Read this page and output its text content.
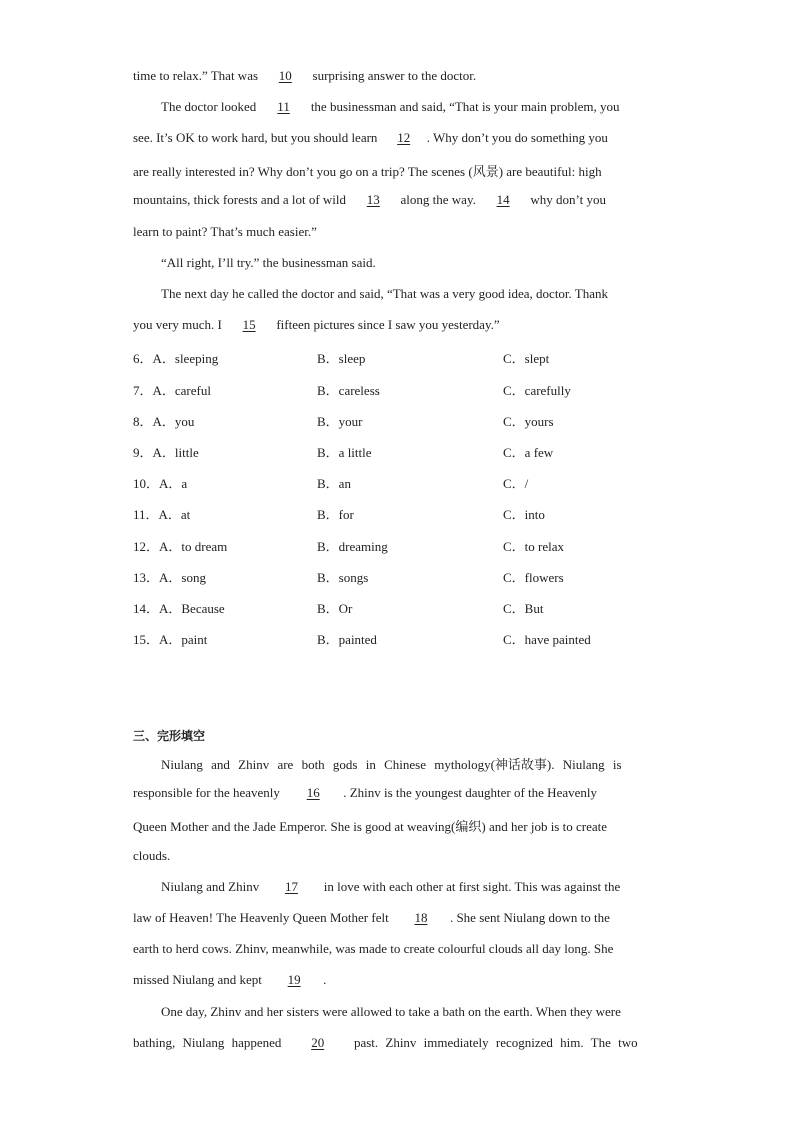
time to relax.” That was 10 surprising answer to the doctor.
The doctor looked 11 the businessman and said, “That is your main problem, you
see. It’s OK to work hard, but you should learn 12 . Why don’t you do something you
are really interested in? Why don’t you go on a trip? The scenes (风景) are beautiful: high
mountains, thick forests and a lot of wild 13 along the way. 14 why don’t you
learn to paint? That’s much easier.”
“All right, I’ll try.” the businessman said.
The next day he called the doctor and said, “That was a very good idea, doctor. Thank
you very much. I 15 fifteen pictures since I saw you yesterday.”
6．A．sleeping	B．sleep	C．slept
7．A．careful	B．careless	C．carefully
8．A．you	B．your	C．yours
9．A．little	B．a little	C．a few
10．A．a	B．an	C．/
11．A．at	B．for	C．into
12．A．to dream	B．dreaming	C．to relax
13．A．song	B．songs	C．flowers
14．A．Because	B．Or	C．But
15．A．paint	B．painted	C．have painted
三、完形填空
Niulang and Zhinv are both gods in Chinese mythology(神话故事). Niulang is
responsible for the heavenly 16 . Zhinv is the youngest daughter of the Heavenly
Queen Mother and the Jade Emperor. She is good at weaving(编织) and her job is to create
clouds.
Niulang and Zhinv 17 in love with each other at first sight. This was against the
law of Heaven! The Heavenly Queen Mother felt 18 . She sent Niulang down to the
earth to herd cows. Zhinv, meanwhile, was made to create colourful clouds all day long. She
missed Niulang and kept 19 .
One day, Zhinv and her sisters were allowed to take a bath on the earth. When they were
bathing, Niulang happened 20 past. Zhinv immediately recognized him. The two
